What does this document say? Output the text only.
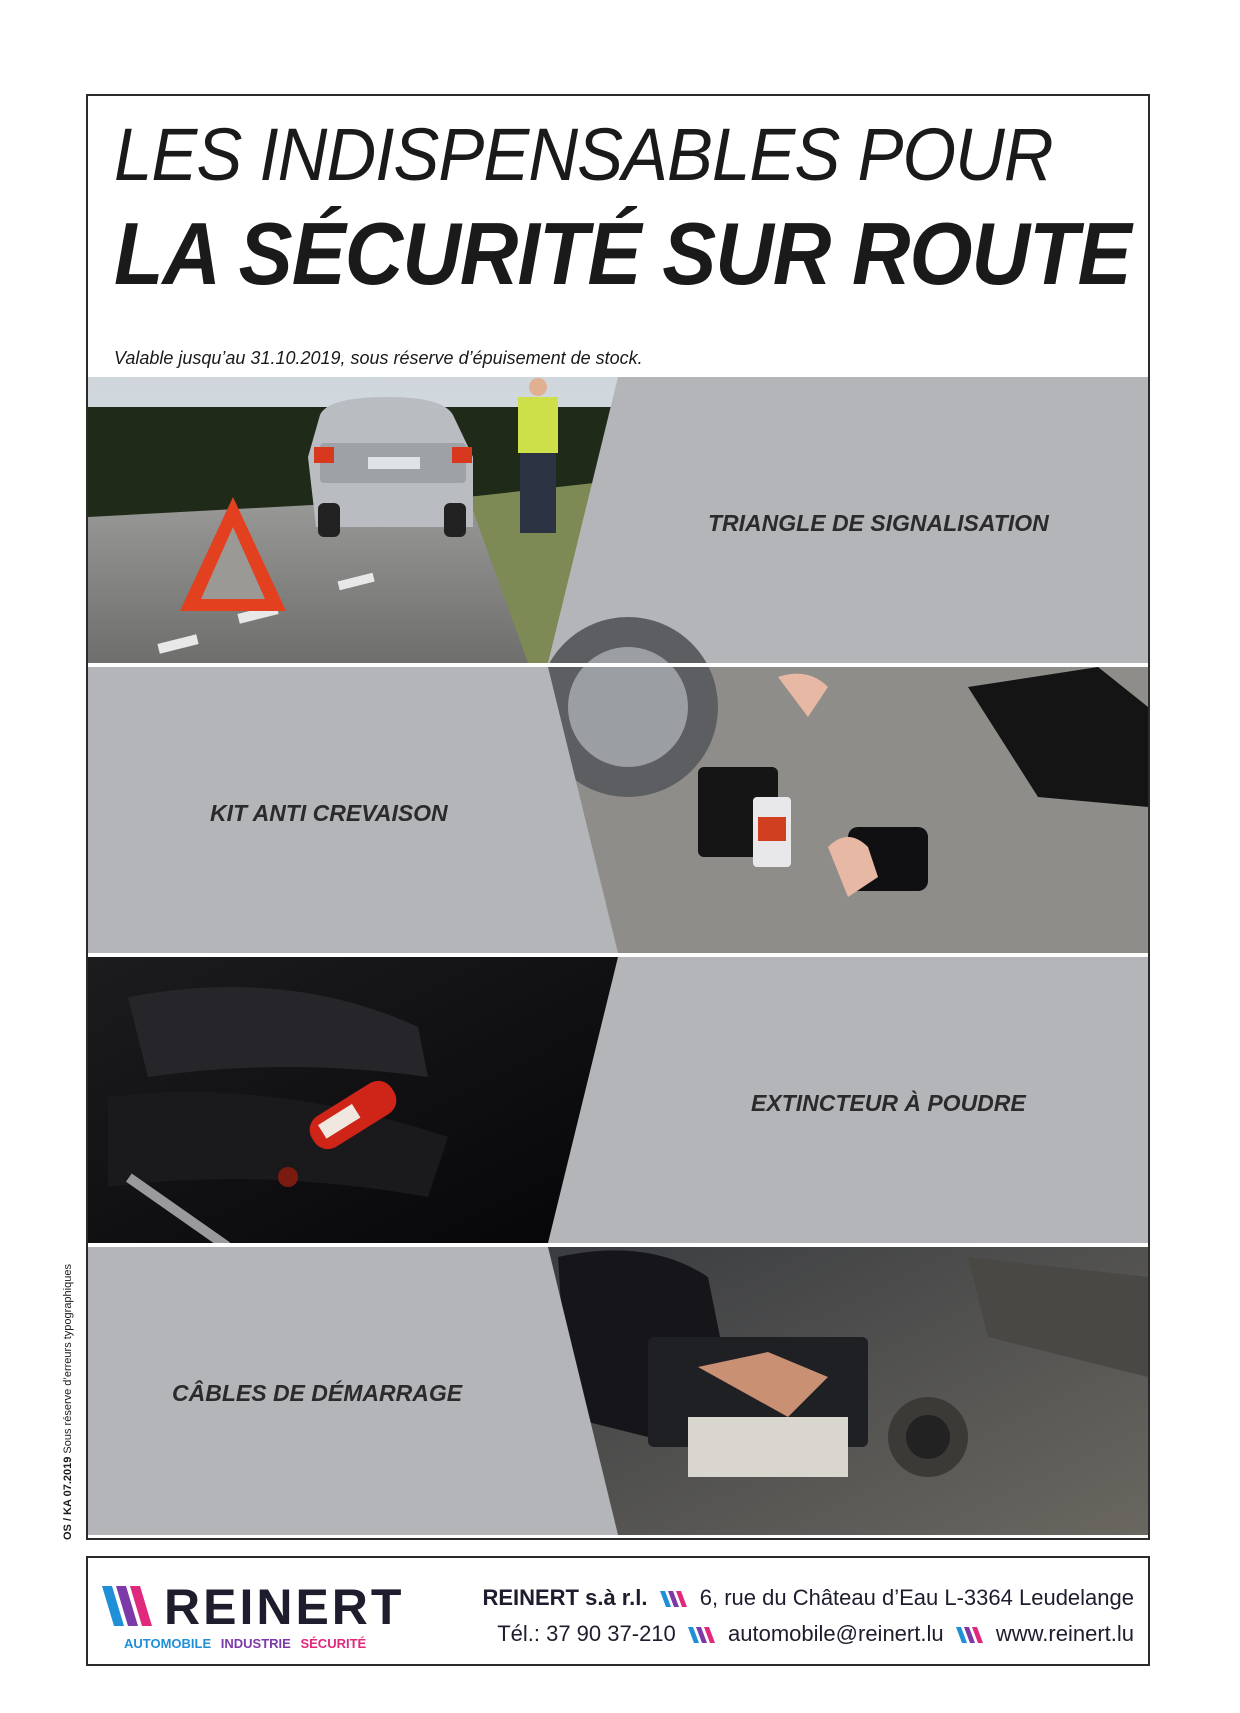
LES INDISPENSABLES POUR
LA SÉCURITÉ SUR ROUTE
Valable jusqu’au 31.10.2019, sous réserve d’épuisement de stock.
TRIANGLE DE SIGNALISATION
KIT ANTI CREVAISON
EXTINCTEUR À POUDRE
CÂBLES DE DÉMARRAGE
OS / KA 07.2019 Sous réserve d’erreurs typographiques
REINERT
AUTOMOBILE INDUSTRIE SÉCURITÉ
REINERT s.à r.l. 6, rue du Château d’Eau L-3364 Leudelange
Tél.: 37 90 37-210 automobile@reinert.lu www.reinert.lu
